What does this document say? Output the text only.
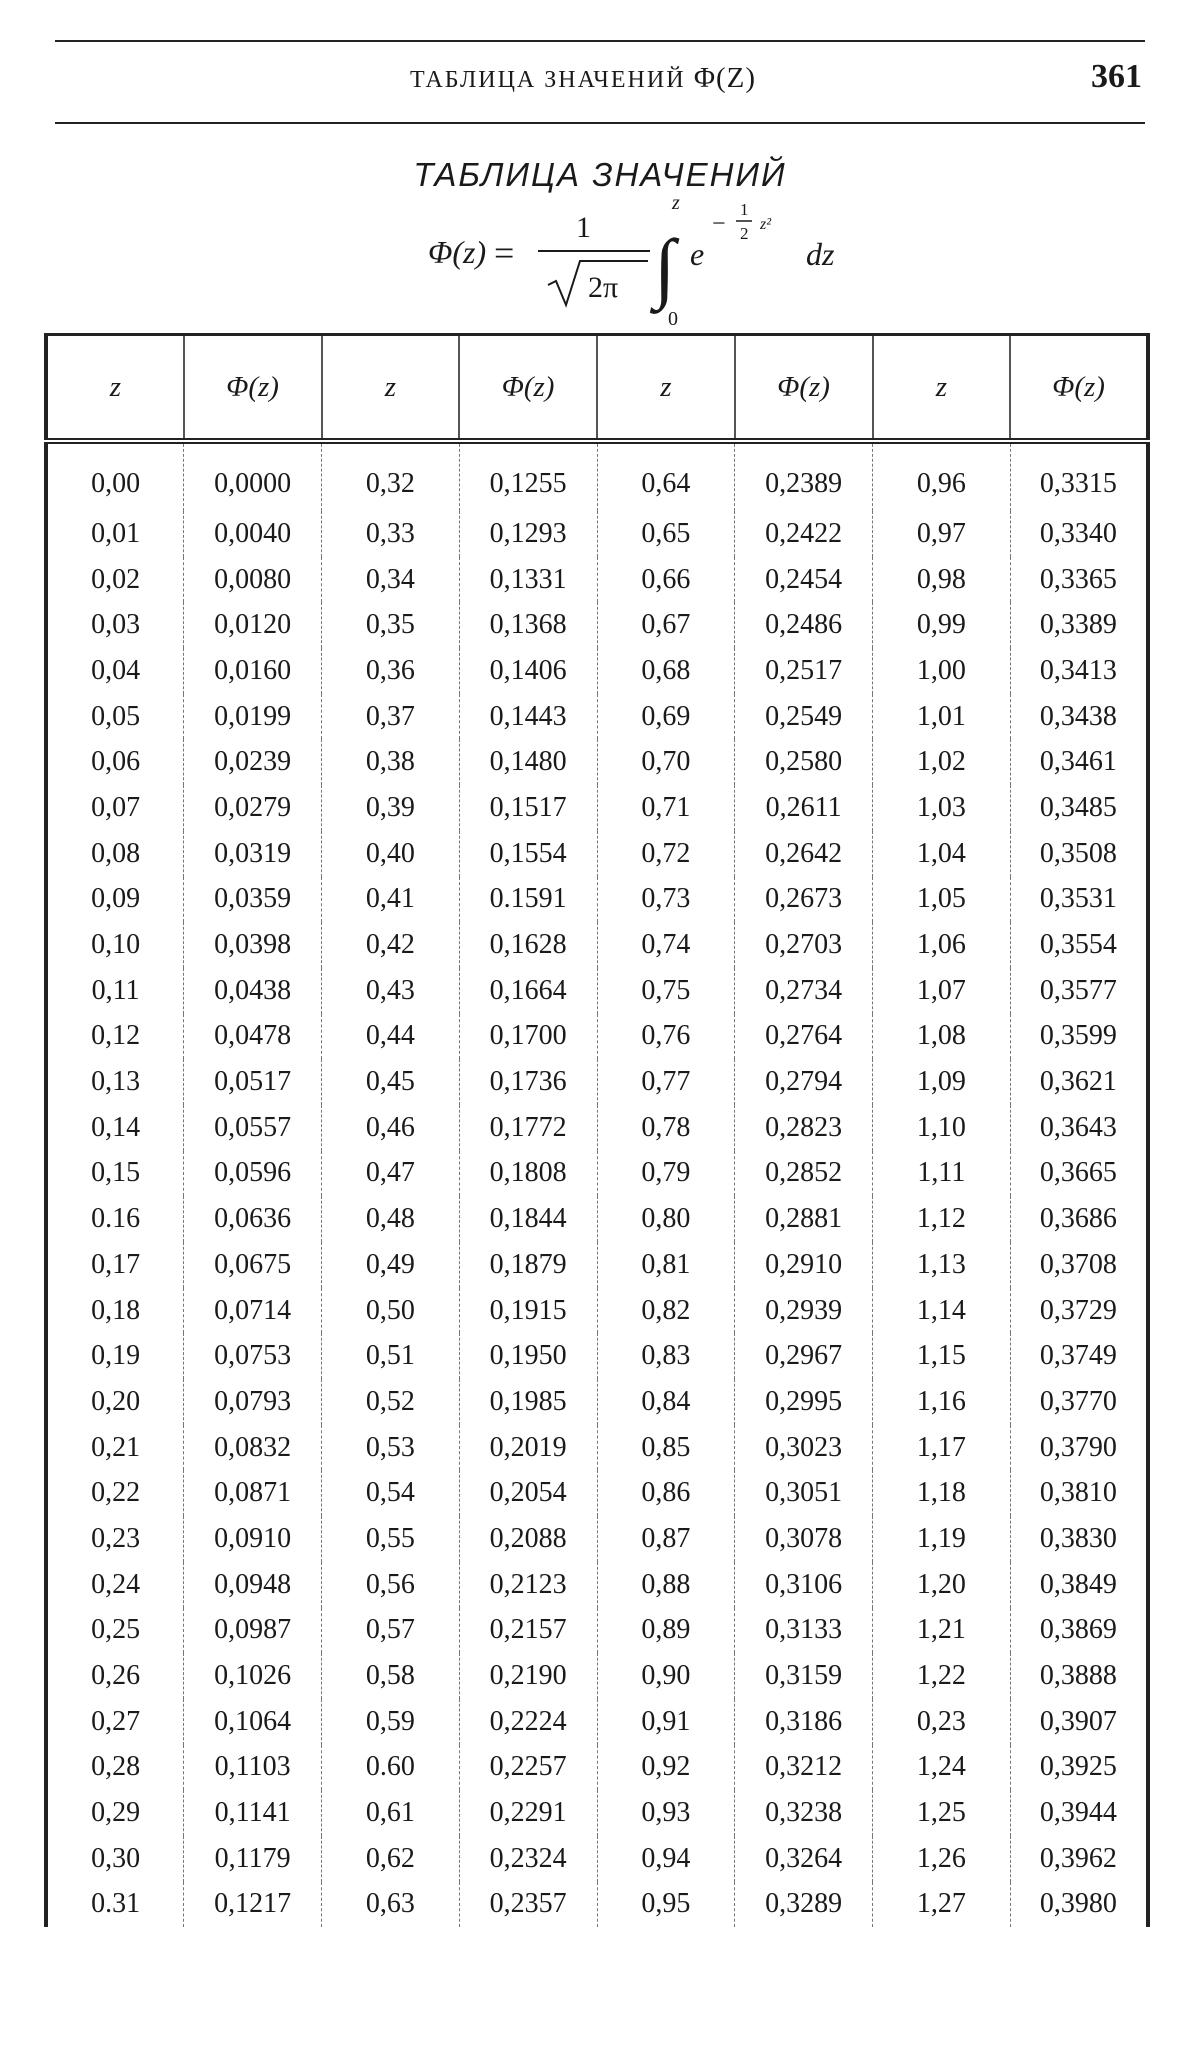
ТАБЛИЦА ЗНАЧЕНИЙ Φ(Z)	361
ТАБЛИЦА ЗНАЧЕНИЙ
Φ(z) =
1
2π ∫
z
0
e
−
1
2 z²
dz
z	Φ(z)	z	Φ(z)	z	Φ(z)	z	Φ(z)
0,00	0,0000	0,32	0,1255	0,64	0,2389	0,96	0,3315
0,01	0,0040	0,33	0,1293	0,65	0,2422	0,97	0,3340
0,02	0,0080	0,34	0,1331	0,66	0,2454	0,98	0,3365
0,03	0,0120	0,35	0,1368	0,67	0,2486	0,99	0,3389
0,04	0,0160	0,36	0,1406	0,68	0,2517	1,00	0,3413
0,05	0,0199	0,37	0,1443	0,69	0,2549	1,01	0,3438
0,06	0,0239	0,38	0,1480	0,70	0,2580	1,02	0,3461
0,07	0,0279	0,39	0,1517	0,71	0,2611	1,03	0,3485
0,08	0,0319	0,40	0,1554	0,72	0,2642	1,04	0,3508
0,09	0,0359	0,41	0.1591	0,73	0,2673	1,05	0,3531
0,10	0,0398	0,42	0,1628	0,74	0,2703	1,06	0,3554
0,11	0,0438	0,43	0,1664	0,75	0,2734	1,07	0,3577
0,12	0,0478	0,44	0,1700	0,76	0,2764	1,08	0,3599
0,13	0,0517	0,45	0,1736	0,77	0,2794	1,09	0,3621
0,14	0,0557	0,46	0,1772	0,78	0,2823	1,10	0,3643
0,15	0,0596	0,47	0,1808	0,79	0,2852	1,11	0,3665
0.16	0,0636	0,48	0,1844	0,80	0,2881	1,12	0,3686
0,17	0,0675	0,49	0,1879	0,81	0,2910	1,13	0,3708
0,18	0,0714	0,50	0,1915	0,82	0,2939	1,14	0,3729
0,19	0,0753	0,51	0,1950	0,83	0,2967	1,15	0,3749
0,20	0,0793	0,52	0,1985	0,84	0,2995	1,16	0,3770
0,21	0,0832	0,53	0,2019	0,85	0,3023	1,17	0,3790
0,22	0,0871	0,54	0,2054	0,86	0,3051	1,18	0,3810
0,23	0,0910	0,55	0,2088	0,87	0,3078	1,19	0,3830
0,24	0,0948	0,56	0,2123	0,88	0,3106	1,20	0,3849
0,25	0,0987	0,57	0,2157	0,89	0,3133	1,21	0,3869
0,26	0,1026	0,58	0,2190	0,90	0,3159	1,22	0,3888
0,27	0,1064	0,59	0,2224	0,91	0,3186	0,23	0,3907
0,28	0,1103	0.60	0,2257	0,92	0,3212	1,24	0,3925
0,29	0,1141	0,61	0,2291	0,93	0,3238	1,25	0,3944
0,30	0,1179	0,62	0,2324	0,94	0,3264	1,26	0,3962
0.31	0,1217	0,63	0,2357	0,95	0,3289	1,27	0,3980
